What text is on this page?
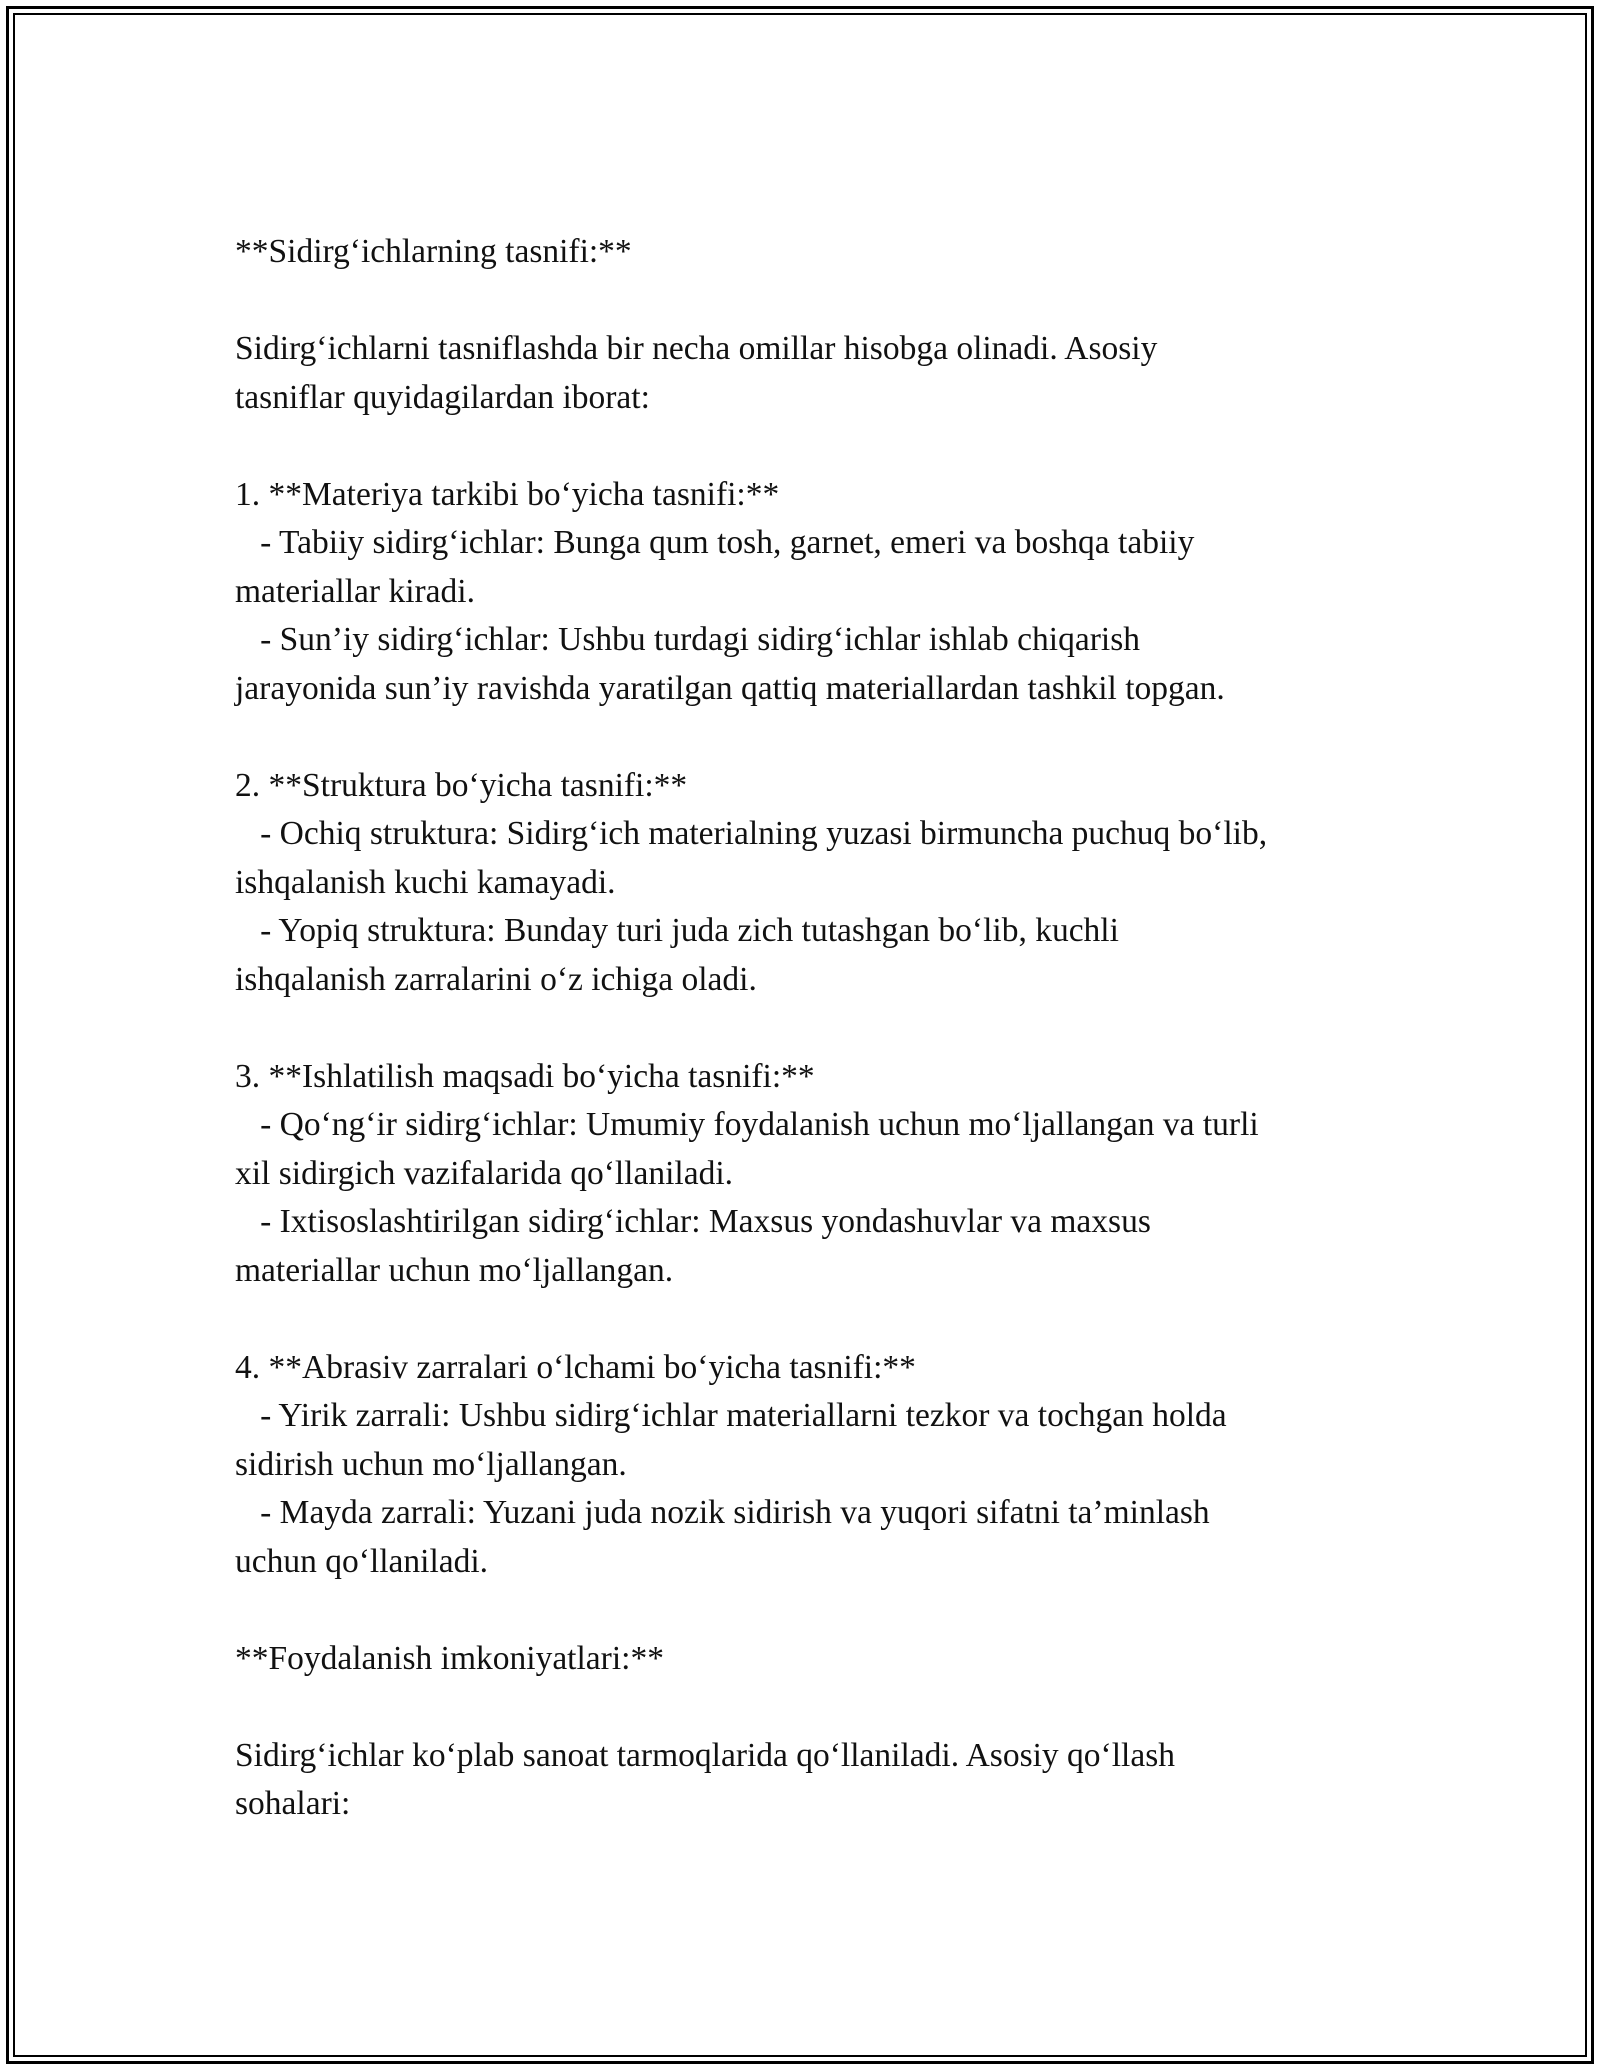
**Sidirg‘ichlarning tasnifi:**
Sidirg‘ichlarni tasniflashda bir necha omillar hisobga olinadi. Asosiy
tasniflar quyidagilardan iborat:
1. **Materiya tarkibi bo‘yicha tasnifi:**
- Tabiiy sidirg‘ichlar: Bunga qum tosh, garnet, emeri va boshqa tabiiy
materiallar kiradi.
- Sun’iy sidirg‘ichlar: Ushbu turdagi sidirg‘ichlar ishlab chiqarish
jarayonida sun’iy ravishda yaratilgan qattiq materiallardan tashkil topgan.
2. **Struktura bo‘yicha tasnifi:**
- Ochiq struktura: Sidirg‘ich materialning yuzasi birmuncha puchuq bo‘lib,
ishqalanish kuchi kamayadi.
- Yopiq struktura: Bunday turi juda zich tutashgan bo‘lib, kuchli
ishqalanish zarralarini o‘z ichiga oladi.
3. **Ishlatilish maqsadi bo‘yicha tasnifi:**
- Qo‘ng‘ir sidirg‘ichlar: Umumiy foydalanish uchun mo‘ljallangan va turli
xil sidirgich vazifalarida qo‘llaniladi.
- Ixtisoslashtirilgan sidirg‘ichlar: Maxsus yondashuvlar va maxsus
materiallar uchun mo‘ljallangan.
4. **Abrasiv zarralari o‘lchami bo‘yicha tasnifi:**
- Yirik zarrali: Ushbu sidirg‘ichlar materiallarni tezkor va tochgan holda
sidirish uchun mo‘ljallangan.
- Mayda zarrali: Yuzani juda nozik sidirish va yuqori sifatni ta’minlash
uchun qo‘llaniladi.
**Foydalanish imkoniyatlari:**
Sidirg‘ichlar ko‘plab sanoat tarmoqlarida qo‘llaniladi. Asosiy qo‘llash
sohalari:
